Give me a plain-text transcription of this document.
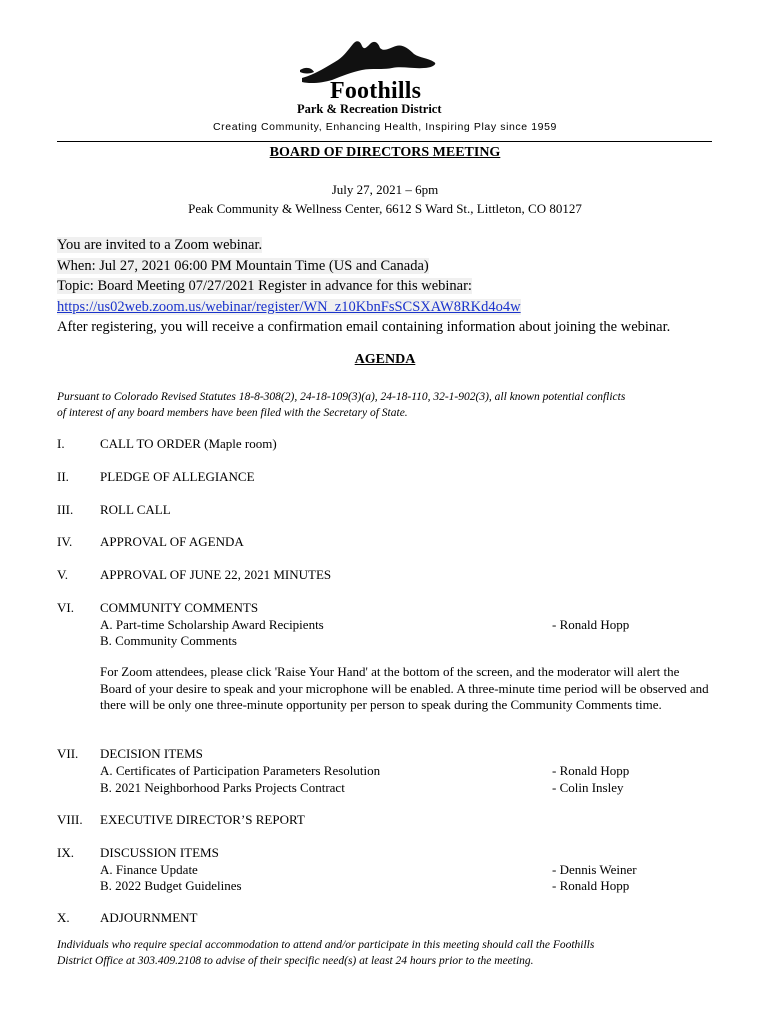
Foothills
Park & Recreation District
Creating Community, Enhancing Health, Inspiring Play since 1959
BOARD OF DIRECTORS MEETING
July 27, 2021 – 6pm
Peak Community & Wellness Center, 6612 S Ward St., Littleton, CO 80127
You are invited to a Zoom webinar.
When: Jul 27, 2021 06:00 PM Mountain Time (US and Canada)
Topic: Board Meeting 07/27/2021 Register in advance for this webinar:
https://us02web.zoom.us/webinar/register/WN_z10KbnFsSCSXAW8RKd4o4w
After registering, you will receive a confirmation email containing information about joining the webinar.
AGENDA
Pursuant to Colorado Revised Statutes 18-8-308(2), 24-18-109(3)(a), 24-18-110, 32-1-902(3), all known potential conflicts
of interest of any board members have been filed with the Secretary of State.
I.	CALL TO ORDER (Maple room)
II. PLEDGE OF ALLEGIANCE
III. ROLL CALL
IV. APPROVAL OF AGENDA
V. APPROVAL OF JUNE 22, 2021 MINUTES
VI. COMMUNITY COMMENTS
A. Part-time Scholarship Award Recipients	- Ronald Hopp
B. Community Comments
For Zoom attendees, please click 'Raise Your Hand' at the bottom of the screen, and the moderator will alert the Board of your desire to speak and your microphone will be enabled. A three-minute time period will be observed and there will be only one three-minute opportunity per person to speak during the Community Comments time.
VII. DECISION ITEMS
A. Certificates of Participation Parameters Resolution	- Ronald Hopp
B. 2021 Neighborhood Parks Projects Contract	- Colin Insley
VIII. EXECUTIVE DIRECTOR’S REPORT
IX. DISCUSSION ITEMS
A. Finance Update	- Dennis Weiner
B. 2022 Budget Guidelines	- Ronald Hopp
X. ADJOURNMENT
Individuals who require special accommodation to attend and/or participate in this meeting should call the Foothills
District Office at 303.409.2108 to advise of their specific need(s) at least 24 hours prior to the meeting.
